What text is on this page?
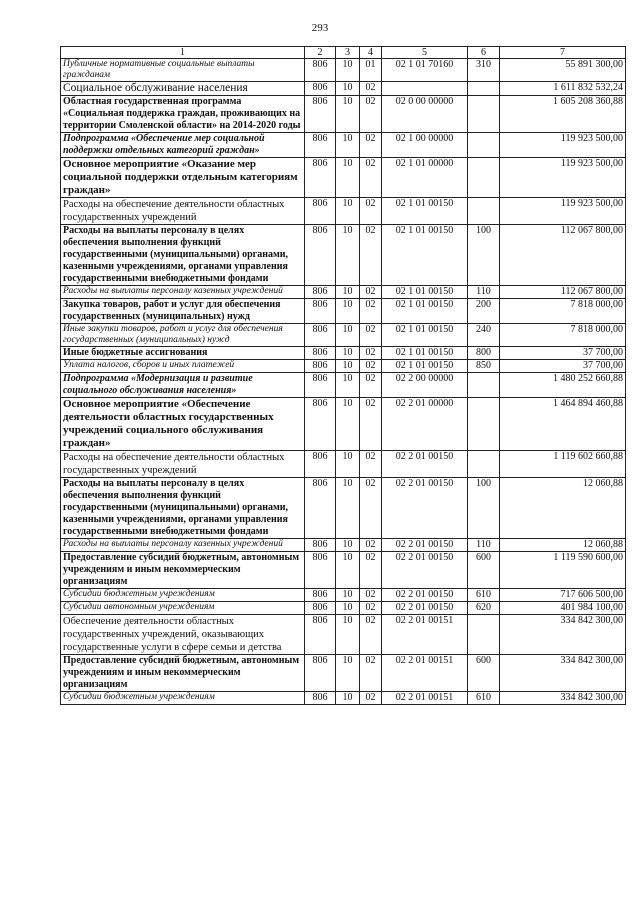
293
1	2	3	4	5	6	7
Публичные нормативные социальные выплаты гражданам	806	10	01	02 1 01 70160	310	55 891 300,00
Социальное обслуживание населения	806	10	02			1 611 832 532,24
Областная государственная программа «Социальная поддержка граждан, проживающих на территории Смоленской области» на 2014-2020 годы	806	10	02	02 0 00 00000		1 605 208 360,88
Подпрограмма «Обеспечение мер социальной поддержки отдельных категорий граждан»	806	10	02	02 1 00 00000		119 923 500,00
Основное мероприятие «Оказание мер социальной поддержки отдельным категориям граждан»	806	10	02	02 1 01 00000		119 923 500,00
Расходы на обеспечение деятельности областных государственных учреждений	806	10	02	02 1 01 00150		119 923 500,00
Расходы на выплаты персоналу в целях обеспечения выполнения функций государственными (муниципальными) органами, казенными учреждениями, органами управления государственными внебюджетными фондами	806	10	02	02 1 01 00150	100	112 067 800,00
Расходы на выплаты персоналу казенных учреждений	806	10	02	02 1 01 00150	110	112 067 800,00
Закупка товаров, работ и услуг для обеспечения государственных (муниципальных) нужд	806	10	02	02 1 01 00150	200	7 818 000,00
Иные закупки товаров, работ и услуг для обеспечения государственных (муниципальных) нужд	806	10	02	02 1 01 00150	240	7 818 000,00
Иные бюджетные ассигнования	806	10	02	02 1 01 00150	800	37 700,00
Уплата налогов, сборов и иных платежей	806	10	02	02 1 01 00150	850	37 700,00
Подпрограмма «Модернизация и развитие социального обслуживания населения»	806	10	02	02 2 00 00000		1 480 252 660,88
Основное мероприятие «Обеспечение деятельности областных государственных учреждений социального обслуживания граждан»	806	10	02	02 2 01 00000		1 464 894 460,88
Расходы на обеспечение деятельности областных государственных учреждений	806	10	02	02 2 01 00150		1 119 602 660,88
Расходы на выплаты персоналу в целях обеспечения выполнения функций государственными (муниципальными) органами, казенными учреждениями, органами управления государственными внебюджетными фондами	806	10	02	02 2 01 00150	100	12 060,88
Расходы на выплаты персоналу казенных учреждений	806	10	02	02 2 01 00150	110	12 060,88
Предоставление субсидий бюджетным, автономным учреждениям и иным некоммерческим организациям	806	10	02	02 2 01 00150	600	1 119 590 600,00
Субсидии бюджетным учреждениям	806	10	02	02 2 01 00150	610	717 606 500,00
Субсидии автономным учреждениям	806	10	02	02 2 01 00150	620	401 984 100,00
Обеспечение деятельности областных государственных учреждений, оказывающих государственные услуги в сфере семьи и детства	806	10	02	02 2 01 00151		334 842 300,00
Предоставление субсидий бюджетным, автономным учреждениям и иным некоммерческим организациям	806	10	02	02 2 01 00151	600	334 842 300,00
Субсидии бюджетным учреждениям	806	10	02	02 2 01 00151	610	334 842 300,00
